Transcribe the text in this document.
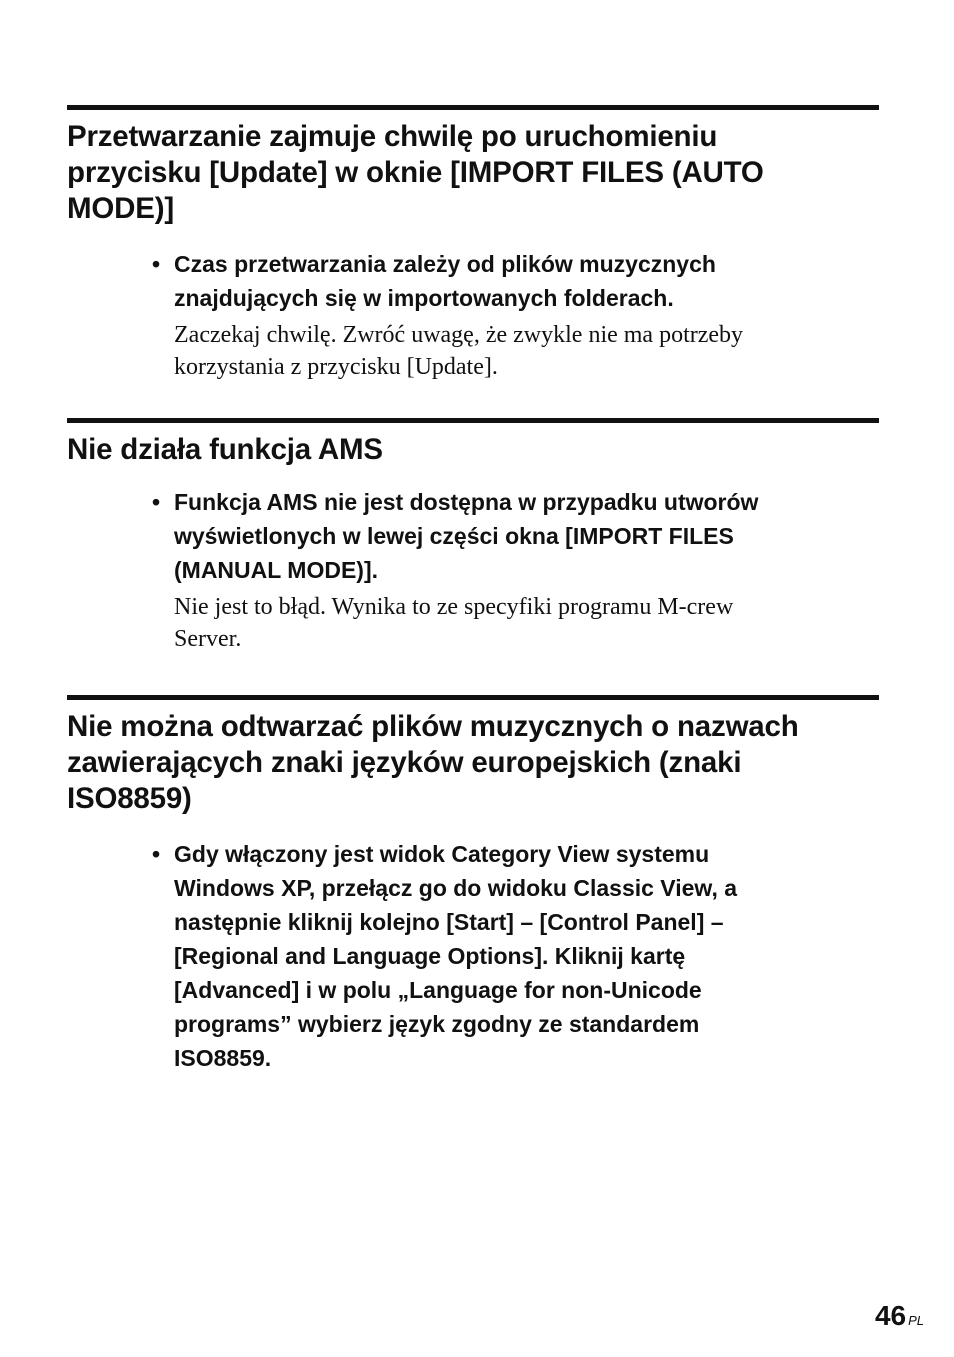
Przetwarzanie zajmuje chwilę po uruchomieniu
przycisku [Update] w oknie [IMPORT FILES (AUTO
MODE)]
• Czas przetwarzania zależy od plików muzycznych
znajdujących się w importowanych folderach.
Zaczekaj chwilę. Zwróć uwagę, że zwykle nie ma potrzeby
korzystania z przycisku [Update].
Nie działa funkcja AMS
• Funkcja AMS nie jest dostępna w przypadku utworów
wyświetlonych w lewej części okna [IMPORT FILES
(MANUAL MODE)].
Nie jest to błąd. Wynika to ze specyfiki programu M-crew
Server.
Nie można odtwarzać plików muzycznych o nazwach
zawierających znaki języków europejskich (znaki
ISO8859)
• Gdy włączony jest widok Category View systemu
Windows XP, przełącz go do widoku Classic View, a
następnie kliknij kolejno [Start] – [Control Panel] –
[Regional and Language Options]. Kliknij kartę
[Advanced] i w polu „Language for non-Unicode
programs” wybierz język zgodny ze standardem
ISO8859.
46 PL
